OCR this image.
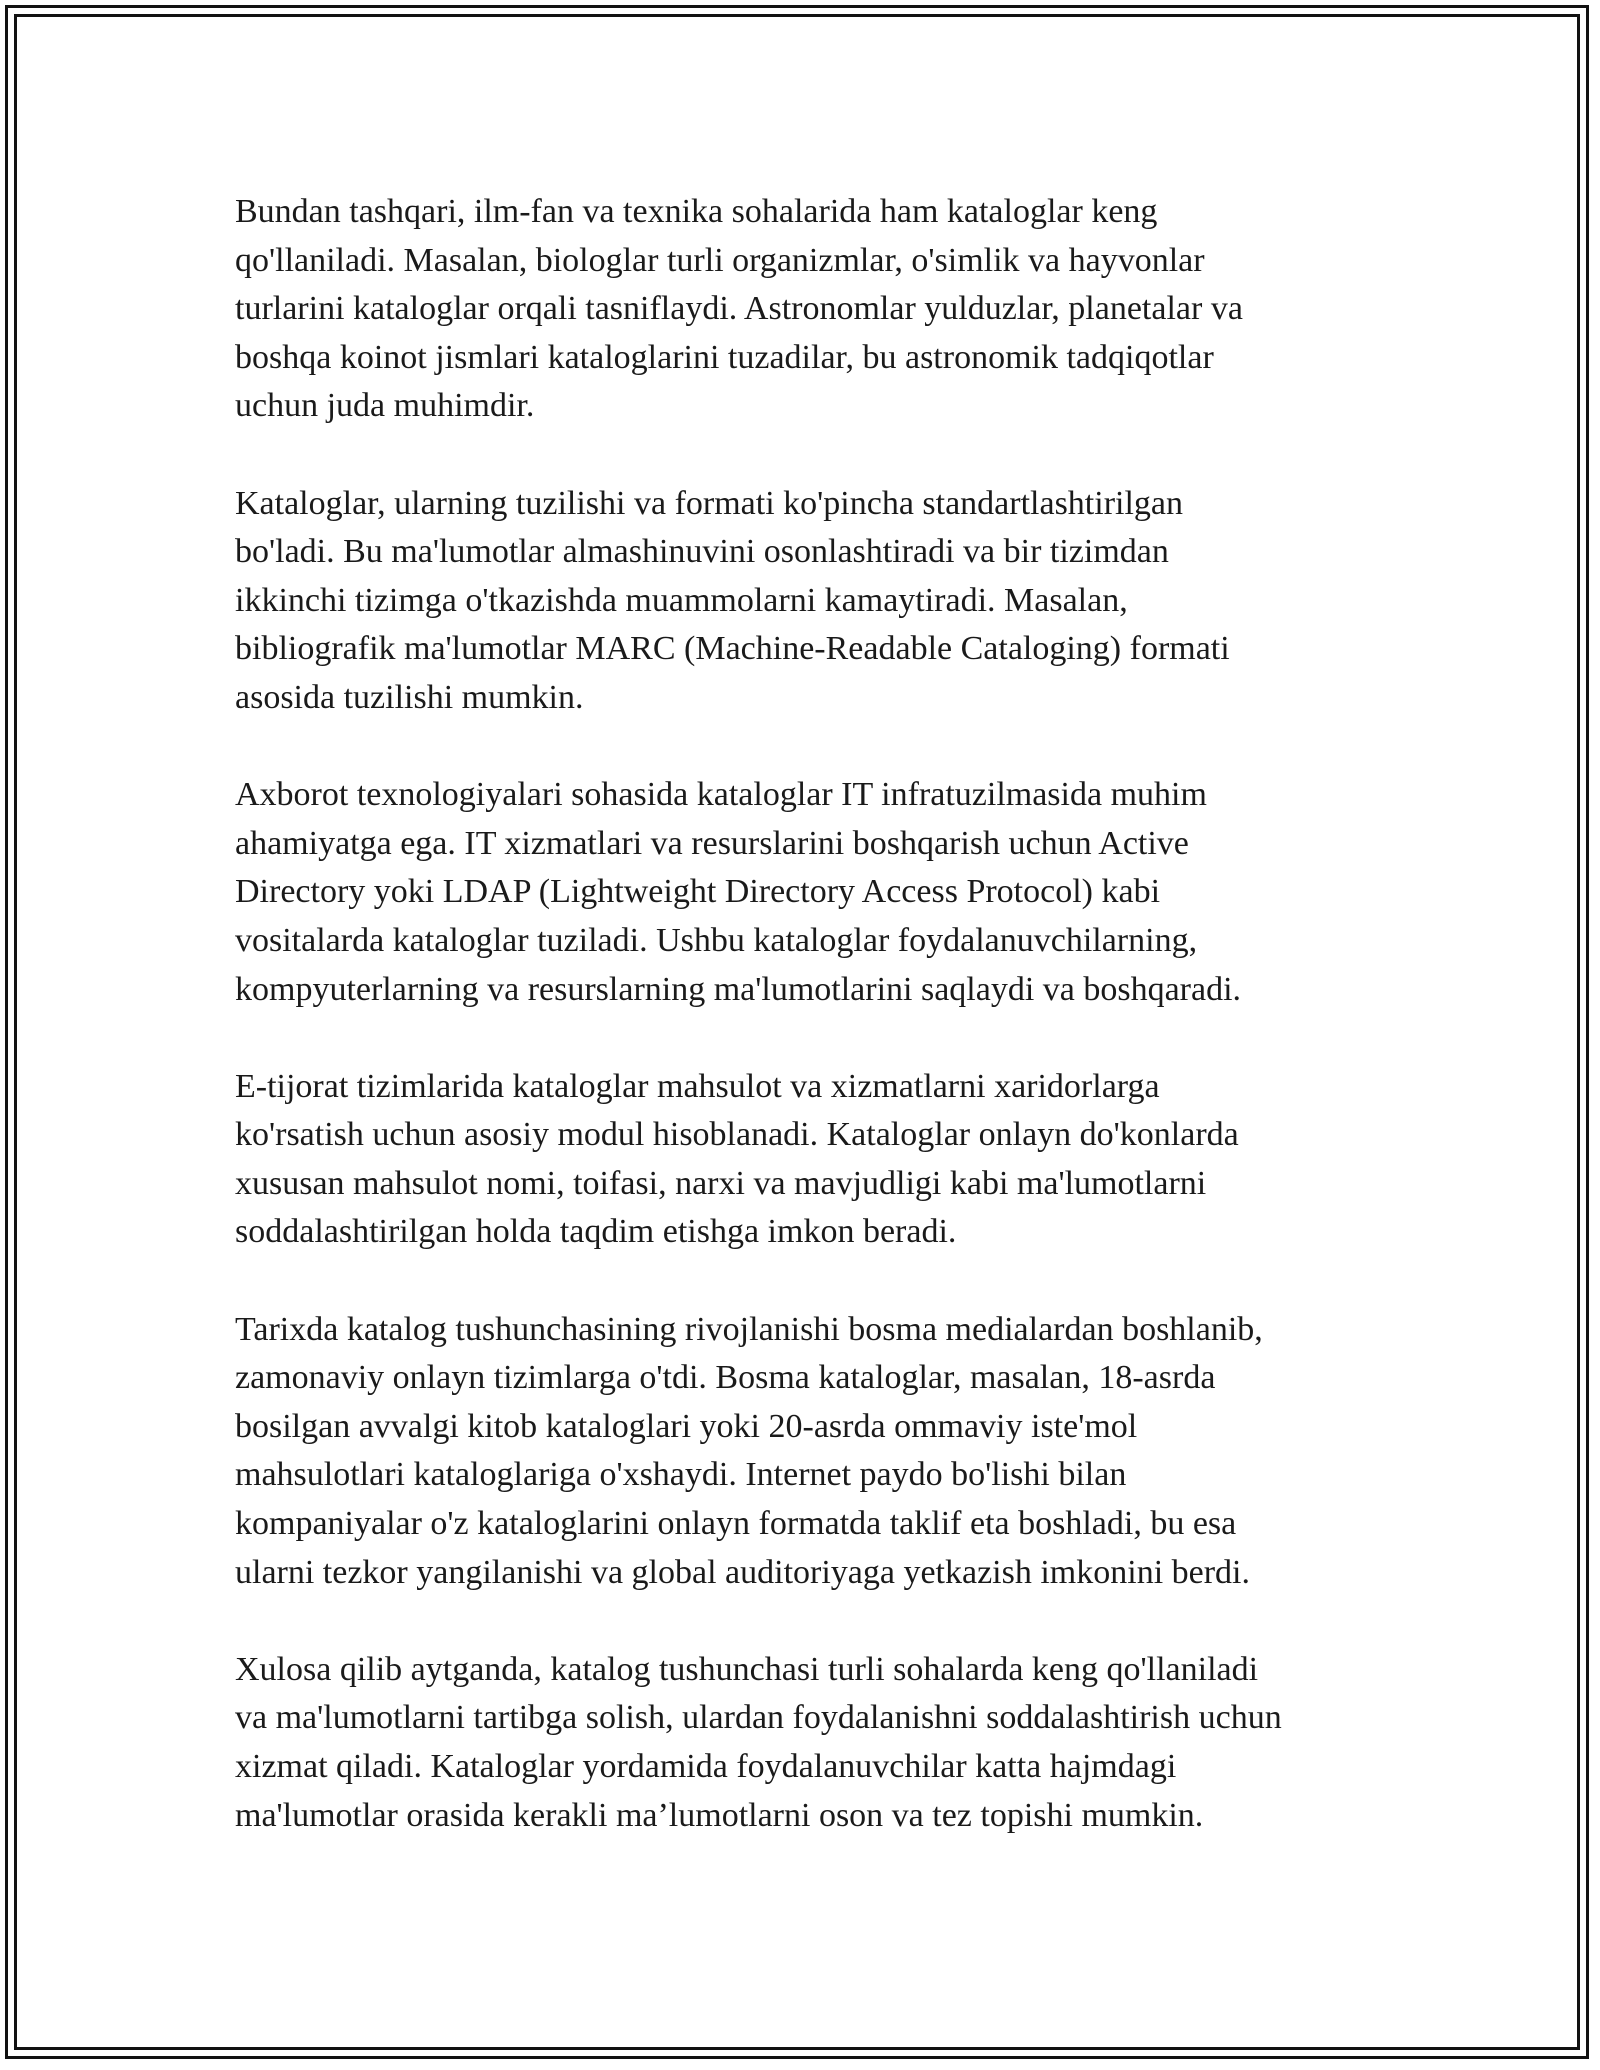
Bundan tashqari, ilm-fan va texnika sohalarida ham kataloglar keng
qo'llaniladi. Masalan, biologlar turli organizmlar, o'simlik va hayvonlar
turlarini kataloglar orqali tasniflaydi. Astronomlar yulduzlar, planetalar va
boshqa koinot jismlari kataloglarini tuzadilar, bu astronomik tadqiqotlar
uchun juda muhimdir.

Kataloglar, ularning tuzilishi va formati ko'pincha standartlashtirilgan
bo'ladi. Bu ma'lumotlar almashinuvini osonlashtiradi va bir tizimdan
ikkinchi tizimga o'tkazishda muammolarni kamaytiradi. Masalan,
bibliografik ma'lumotlar MARC (Machine-Readable Cataloging) formati
asosida tuzilishi mumkin.

Axborot texnologiyalari sohasida kataloglar IT infratuzilmasida muhim
ahamiyatga ega. IT xizmatlari va resurslarini boshqarish uchun Active
Directory yoki LDAP (Lightweight Directory Access Protocol) kabi
vositalarda kataloglar tuziladi. Ushbu kataloglar foydalanuvchilarning,
kompyuterlarning va resurslarning ma'lumotlarini saqlaydi va boshqaradi.

E-tijorat tizimlarida kataloglar mahsulot va xizmatlarni xaridorlarga
ko'rsatish uchun asosiy modul hisoblanadi. Kataloglar onlayn do'konlarda
xususan mahsulot nomi, toifasi, narxi va mavjudligi kabi ma'lumotlarni
soddalashtirilgan holda taqdim etishga imkon beradi.

Tarixda katalog tushunchasining rivojlanishi bosma medialardan boshlanib,
zamonaviy onlayn tizimlarga o'tdi. Bosma kataloglar, masalan, 18-asrda
bosilgan avvalgi kitob kataloglari yoki 20-asrda ommaviy iste'mol
mahsulotlari kataloglariga o'xshaydi. Internet paydo bo'lishi bilan
kompaniyalar o'z kataloglarini onlayn formatda taklif eta boshladi, bu esa
ularni tezkor yangilanishi va global auditoriyaga yetkazish imkonini berdi.

Xulosa qilib aytganda, katalog tushunchasi turli sohalarda keng qo'llaniladi
va ma'lumotlarni tartibga solish, ulardan foydalanishni soddalashtirish uchun
xizmat qiladi. Kataloglar yordamida foydalanuvchilar katta hajmdagi
ma'lumotlar orasida kerakli ma’lumotlarni oson va tez topishi mumkin.
